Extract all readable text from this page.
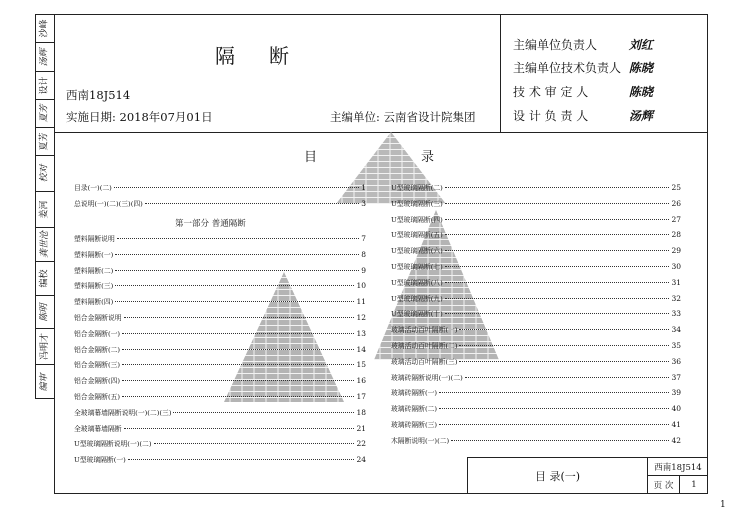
沙峰
汤辉
设计
夏芳
夏芳
校对
姜河
龚世沧
编校
陈明
冯明才
编审
隔断
西南18J514
实施日期: 2018年07月01日	主编单位: 云南省设计院集团
主编单位负责人	刘红
主编单位技术负责人 陈晓
技 术 审 定 人	陈晓
设 计 负 责 人	汤辉
目	录
目录(一)(二)	1
总说明(一)(二)(三)(四)	3
塑料隔断说明	7
塑料隔断(一)	8
塑料隔断(二)	9
塑料隔断(三)	10
塑料隔断(四)	11
铝合金隔断说明	12
铝合金隔断(一)	13
铝合金隔断(二)	14
铝合金隔断(三)	15
铝合金隔断(四)	16
铝合金隔断(五)	17
全玻璃幕墙隔断说明(一)(二)(三)	18
全玻璃幕墙隔断	21
U型玻璃隔断说明(一)(二)	22
U型玻璃隔断(一)	24
U型玻璃隔断(二)	25
U型玻璃隔断(三)	26
U型玻璃隔断(四)	27
U型玻璃隔断(五)	28
U型玻璃隔断(六)	29
U型玻璃隔断(七)	30
U型玻璃隔断(八)	31
U型玻璃隔断(九)	32
U型玻璃隔断(十)	33
玻璃活动百叶隔断(一)	34
玻璃活动百叶隔断(二)	35
玻璃活动百叶隔断(三)	36
玻璃砖隔断说明(一)(二)	37
玻璃砖隔断(一)	39
玻璃砖隔断(二)	40
玻璃砖隔断(三)	41
木隔断说明(一)(二)	42
第一部分 普通隔断
目 录(一)
西南18J514
页 次	1
1
